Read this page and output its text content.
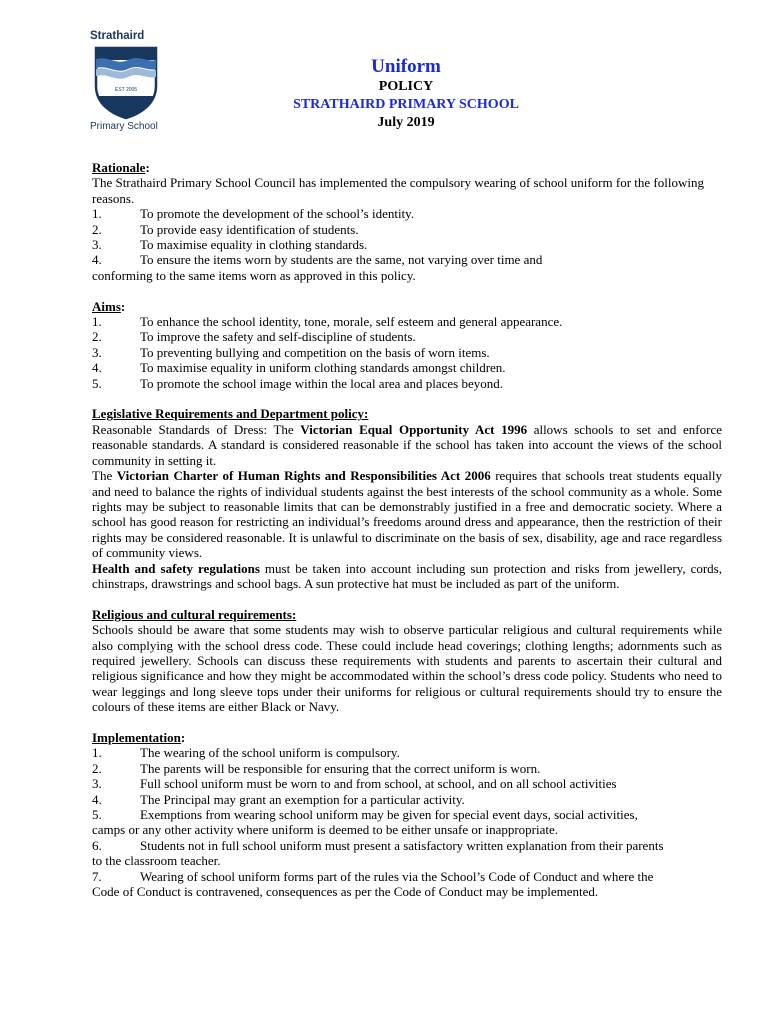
Strathaird
EST 2005
Primary School
Uniform
POLICY
STRATHAIRD PRIMARY SCHOOL
July 2019
Rationale:
The Strathaird Primary School Council has implemented the compulsory wearing of school uniform for the following reasons.
1.	To promote the development of the school’s identity.
2.	To provide easy identification of students.
3.	To maximise equality in clothing standards.
4.	To ensure the items worn by students are the same, not varying over time and
conforming to the same items worn as approved in this policy.
Aims:
1.	To enhance the school identity, tone, morale, self esteem and general appearance.
2.	To improve the safety and self-discipline of students.
3.	To preventing bullying and competition on the basis of worn items.
4.	To maximise equality in uniform clothing standards amongst children.
5.	To promote the school image within the local area and places beyond.
Legislative Requirements and Department policy:
Reasonable Standards of Dress: The Victorian Equal Opportunity Act 1996 allows schools to set and enforce reasonable standards. A standard is considered reasonable if the school has taken into account the views of the school community in setting it.
The Victorian Charter of Human Rights and Responsibilities Act 2006 requires that schools treat students equally and need to balance the rights of individual students against the best interests of the school community as a whole. Some rights may be subject to reasonable limits that can be demonstrably justified in a free and democratic society. Where a school has good reason for restricting an individual’s freedoms around dress and appearance, then the restriction of their rights may be considered reasonable. It is unlawful to discriminate on the basis of sex, disability, age and race regardless of community views.
Health and safety regulations must be taken into account including sun protection and risks from jewellery, cords, chinstraps, drawstrings and school bags. A sun protective hat must be included as part of the uniform.
Religious and cultural requirements:
Schools should be aware that some students may wish to observe particular religious and cultural requirements while also complying with the school dress code. These could include head coverings; clothing lengths; adornments such as required jewellery. Schools can discuss these requirements with students and parents to ascertain their cultural and religious significance and how they might be accommodated within the school’s dress code policy. Students who need to wear leggings and long sleeve tops under their uniforms for religious or cultural requirements should try to ensure the colours of these items are either Black or Navy.
Implementation:
1.	The wearing of the school uniform is compulsory.
2.	The parents will be responsible for ensuring that the correct uniform is worn.
3.	Full school uniform must be worn to and from school, at school, and on all school activities
4.	The Principal may grant an exemption for a particular activity.
5.	Exemptions from wearing school uniform may be given for special event days, social activities,
camps or any other activity where uniform is deemed to be either unsafe or inappropriate.
6.	Students not in full school uniform must present a satisfactory written explanation from their parents
to the classroom teacher.
7.	Wearing of school uniform forms part of the rules via the School’s Code of Conduct and where the
Code of Conduct is contravened, consequences as per the Code of Conduct may be implemented.
